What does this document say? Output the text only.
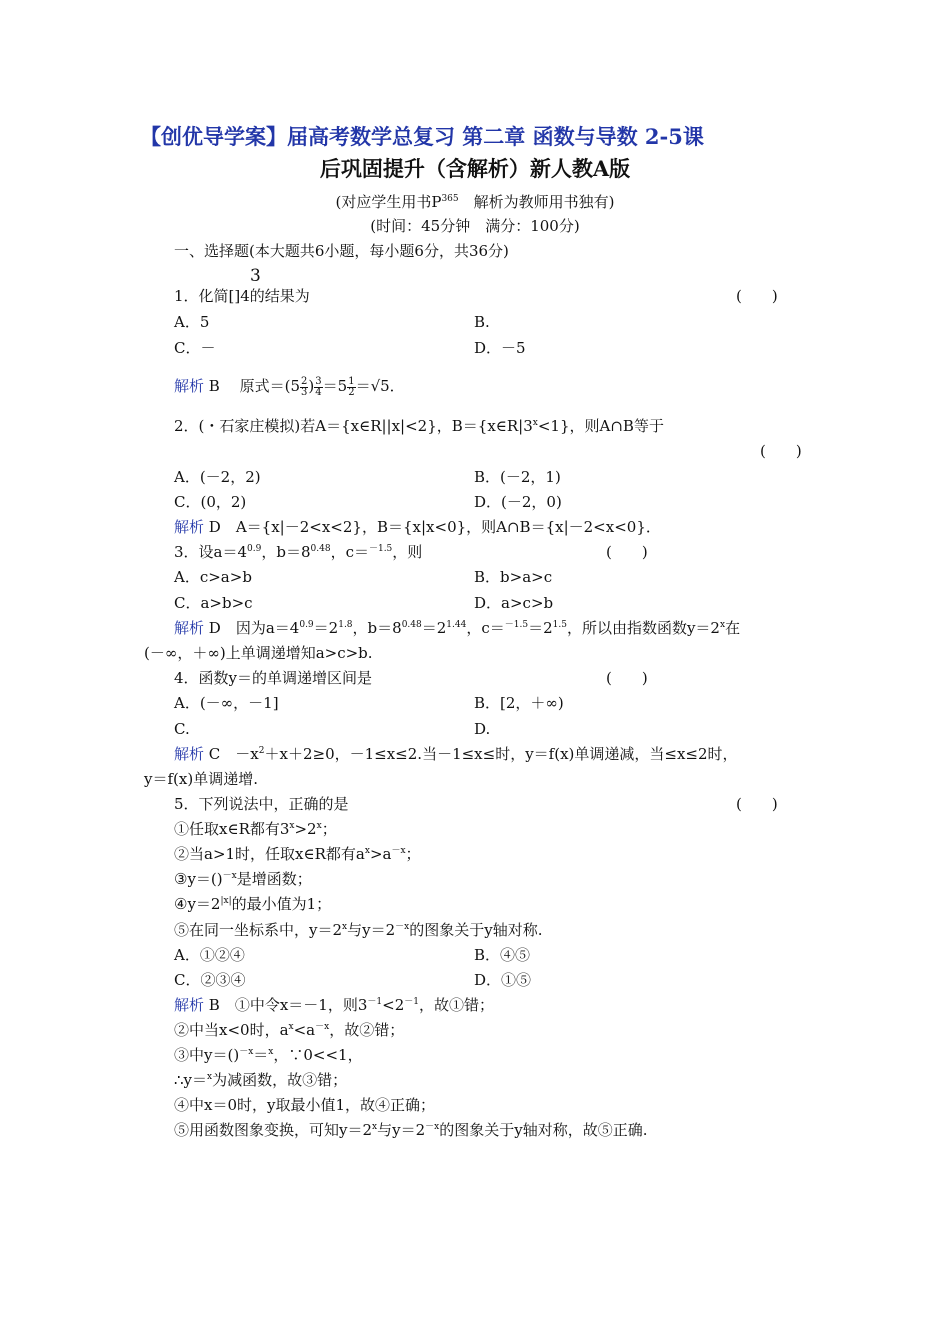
【创优导学案】届高考数学总复习 第二章 函数与导数 2-5课
后巩固提升（含解析）新人教A版
(对应学生用书$P^{365}$　解析为教师用书独有)
(时间：45分钟　满分：100分)
一、选择题(本大题共6小题，每小题6分，共36分)
3
1．化简[]4的结果为	(　　)
A．5	B.
C．－	D．－5
解析 B 　 原式$=(5 \frac{2}{3}$ ) $\frac{3}{4} =5 \frac{1}{2} =√5$．
2．(・石家庄模拟)若A＝{x∈R||x|<2}，$B=\{x\in R|3^x<1\}$，则A∩B等于
(　　)
A．(－2，2)	B．(－2，1)
C．(0，2)	D．(－2，0)
解析 D　 A＝{x|－2<x<2}，B＝{x|x<0}，则A∩B＝{x|－2<x<0}．
3．设$a=4^{0.9}$，$b=8^{0.48}$，c＝$^{-1.5}$，则	(　　)
A．c>a>b	B．b>a>c
C．a>b>c	D．a>c>b
解析 D　 因为$a=4^{0.9}=2^{1.8}$，$b=8^{0.48}=2^{1.44}$，$c=^{-1.5}=2^{1.5}$，所以由指数函数$y=2^x$在
(－∞，＋∞)上单调递增知a>c>b.
4．函数y＝的单调递增区间是	(　　)
A．(－∞，－1]	B．[2，＋∞)
C.	D.
解析 C　 $-x^2+x+2\ge 0$，－1≤x≤2.当－1≤x≤时，y＝f(x)单调递减，当≤x≤2时，
y＝f(x)单调递增.
5．下列说法中，正确的是	(　　)
①任取x∈R都有$3^x>2^x$；
②当a>1时，任取x∈R都有$a^x>a^{-x}$；
③y＝()$^{-x}$是增函数；
$④y=2^{|x|}$的最小值为1；
⑤在同一坐标系中，$y=2^x$与$y=2^{-x}$的图象关于y轴对称.
A．①②④	B．④⑤
C．②③④	D．①⑤
解析 B　 ①中令x＝－1，则$3^{-1}<2^{-1}$，故①错；
②中当x<0时，$a^x<a^{-x}$，故②错；
③中y＝()$^{-x}$＝$^x$，∵0<<1，
∴y＝$^x$为减函数，故③错；
④中x＝0时，y取最小值1，故④正确；
⑤用函数图象变换，可知$y=2^x$与$y=2^{-x}$的图象关于y轴对称，故⑤正确.
